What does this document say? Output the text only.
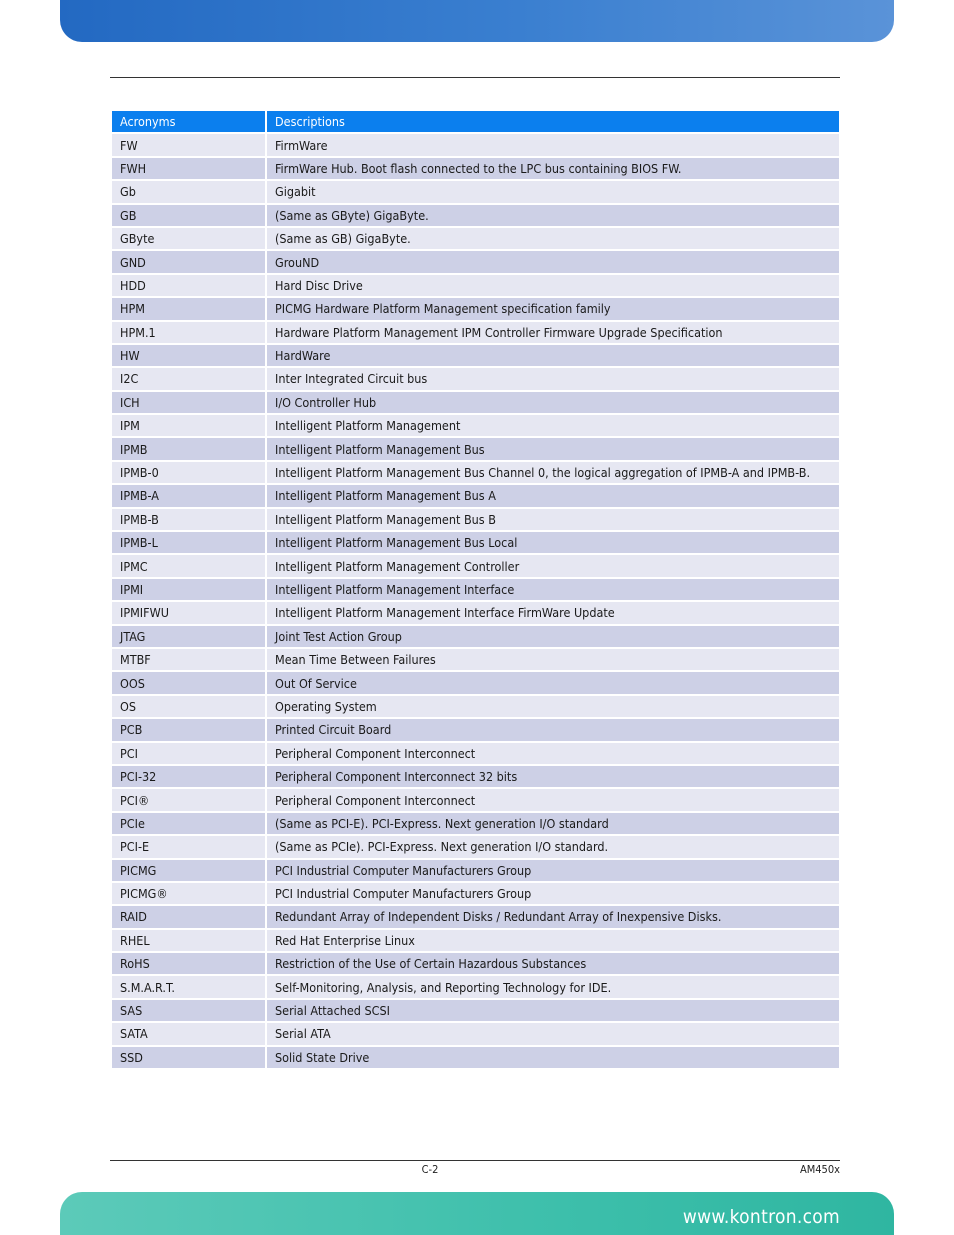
Acronyms	Descriptions
FW	FirmWare
FWH	FirmWare Hub. Boot flash connected to the LPC bus containing BIOS FW.
Gb	Gigabit
GB	(Same as GByte) GigaByte.
GByte	(Same as GB) GigaByte.
GND	GrouND
HDD	Hard Disc Drive
HPM	PICMG Hardware Platform Management specification family
HPM.1	Hardware Platform Management IPM Controller Firmware Upgrade Specification
HW	HardWare
I2C	Inter Integrated Circuit bus
ICH	I/O Controller Hub
IPM	Intelligent Platform Management
IPMB	Intelligent Platform Management Bus
IPMB-0	Intelligent Platform Management Bus Channel 0, the logical aggregation of IPMB-A and IPMB-B.
IPMB-A	Intelligent Platform Management Bus A
IPMB-B	Intelligent Platform Management Bus B
IPMB-L	Intelligent Platform Management Bus Local
IPMC	Intelligent Platform Management Controller
IPMI	Intelligent Platform Management Interface
IPMIFWU	Intelligent Platform Management Interface FirmWare Update
JTAG	Joint Test Action Group
MTBF	Mean Time Between Failures
OOS	Out Of Service
OS	Operating System
PCB	Printed Circuit Board
PCI	Peripheral Component Interconnect
PCI-32	Peripheral Component Interconnect 32 bits
PCI®	Peripheral Component Interconnect
PCIe	(Same as PCI-E). PCI-Express. Next generation I/O standard
PCI-E	(Same as PCIe). PCI-Express. Next generation I/O standard.
PICMG	PCI Industrial Computer Manufacturers Group
PICMG®	PCI Industrial Computer Manufacturers Group
RAID	Redundant Array of Independent Disks / Redundant Array of Inexpensive Disks.
RHEL	Red Hat Enterprise Linux
RoHS	Restriction of the Use of Certain Hazardous Substances
S.M.A.R.T.	Self-Monitoring, Analysis, and Reporting Technology for IDE.
SAS	Serial Attached SCSI
SATA	Serial ATA
SSD	Solid State Drive
C-2	AM450x
www.kontron.com
